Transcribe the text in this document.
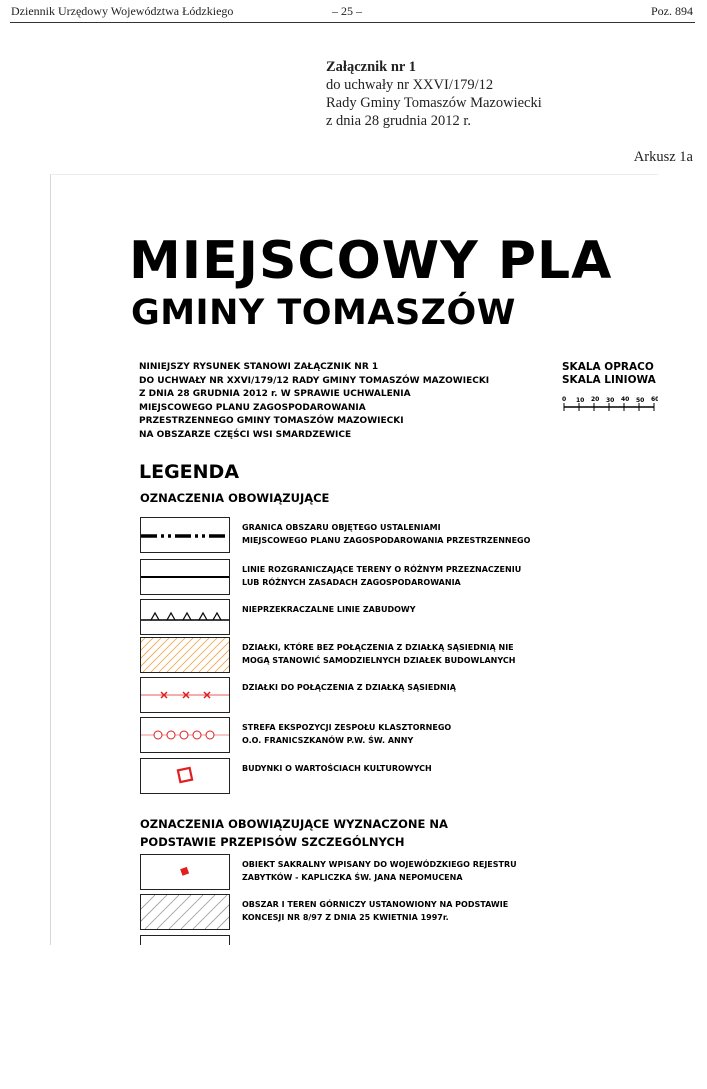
Dziennik Urzędowy Województwa Łódzkiego	– 25 –	Poz. 894
Załącznik nr 1
do uchwały nr XXVI/179/12
Rady Gminy Tomaszów Mazowiecki
z dnia 28 grudnia 2012 r.
Arkusz 1a
MIEJSCOWY PLA
GMINY TOMASZÓW
NINIEJSZY RYSUNEK STANOWI ZAŁĄCZNIK NR 1
DO UCHWAŁY NR XXVI/179/12 RADY GMINY TOMASZÓW MAZOWIECKI
Z DNIA 28 GRUDNIA 2012 r. W SPRAWIE UCHWALENIA
MIEJSCOWEGO PLANU ZAGOSPODAROWANIA
PRZESTRZENNEGO GMINY TOMASZÓW MAZOWIECKI
NA OBSZARZE CZĘŚCI WSI SMARDZEWICE
SKALA OPRACO
SKALA LINIOWA
0 10 20 30 40 50 60
LEGENDA
OZNACZENIA OBOWIĄZUJĄCE
GRANICA OBSZARU OBJĘTEGO USTALENIAMI
MIEJSCOWEGO PLANU ZAGOSPODAROWANIA PRZESTRZENNEGO
LINIE ROZGRANICZAJĄCE TERENY O RÓŻNYM PRZEZNACZENIU
LUB RÓŻNYCH ZASADACH ZAGOSPODAROWANIA
NIEPRZEKRACZALNE LINIE ZABUDOWY
DZIAŁKI, KTÓRE BEZ POŁĄCZENIA Z DZIAŁKĄ SĄSIEDNIĄ NIE
MOGĄ STANOWIĆ SAMODZIELNYCH DZIAŁEK BUDOWLANYCH
DZIAŁKI DO POŁĄCZENIA Z DZIAŁKĄ SĄSIEDNIĄ
STREFA EKSPOZYCJI ZESPOŁU KLASZTORNEGO
O.O. FRANICSZKANÓW P.W. ŚW. ANNY
BUDYNKI O WARTOŚCIACH KULTUROWYCH
OZNACZENIA OBOWIĄZUJĄCE WYZNACZONE NA
PODSTAWIE PRZEPISÓW SZCZEGÓLNYCH
OBIEKT SAKRALNY WPISANY DO WOJEWÓDZKIEGO REJESTRU
ZABYTKÓW - KAPLICZKA ŚW. JANA NEPOMUCENA
OBSZAR I TEREN GÓRNICZY USTANOWIONY NA PODSTAWIE
KONCESJI NR 8/97 Z DNIA 25 KWIETNIA 1997r.
